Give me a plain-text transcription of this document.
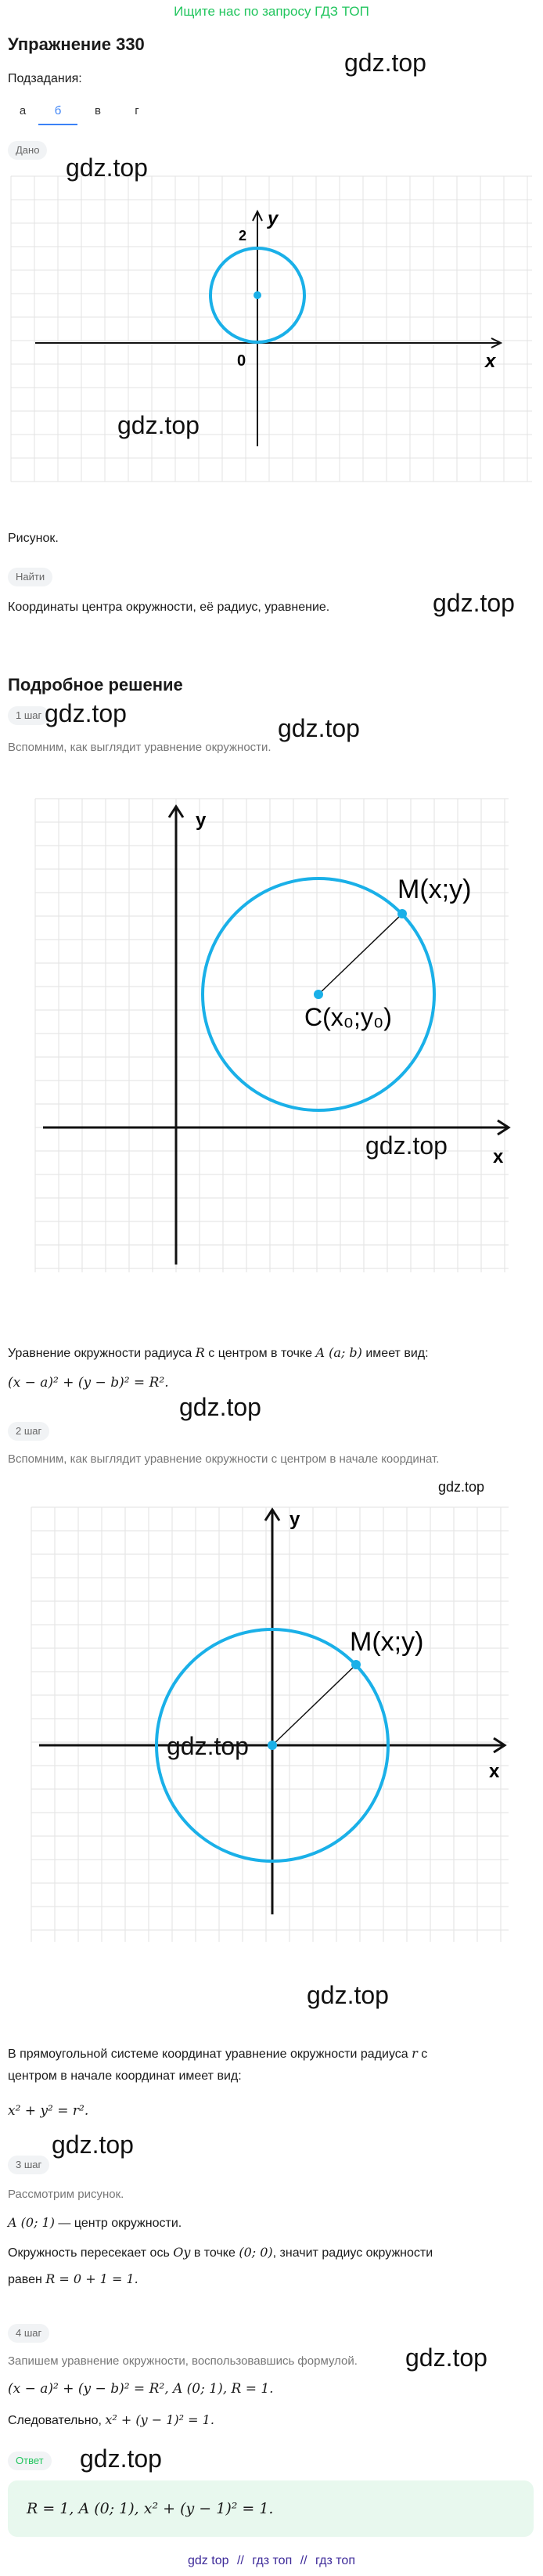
Ищите нас по запросу ГДЗ ТОП
Упражнение 330
Подзадания:
а	б	в	г
Дано
y
x
2
0
Рисунок.
Найти
Координаты центра окружности, её радиус, уравнение.
Подробное решение
1 шаг
Вспомним, как выглядит уравнение окружности.
y
x
M(x;y)
C(x₀;y₀)
Уравнение окружности радиуса R с центром в точке A (a; b) имеет вид:
(x − a)² + (y − b)² = R².
2 шаг
Вспомним, как выглядит уравнение окружности с центром в начале координат.
y
x
M(x;y)
В прямоугольной системе координат уравнение окружности радиуса r с
центром в начале координат имеет вид:
x² + y² = r².
3 шаг
Рассмотрим рисунок.
A (0; 1) — центр окружности.
Окружность пересекает ось Oy в точке (0; 0), значит радиус окружности
равен R = 0 + 1 = 1.
4 шаг
Запишем уравнение окружности, воспользовавшись формулой.
(x − a)² + (y − b)² = R², A (0; 1), R = 1.
Следовательно, x² + (y − 1)² = 1.
Ответ
R = 1, A (0; 1), x² + (y − 1)² = 1.
gdz.top
gdz.top
gdz.top
gdz.top
gdz.top
gdz.top
gdz.top
gdz.top
gdz.top
gdz.top
gdz.top
gdz.top
gdz.top
gdz.top
gdz top // гдз топ // гдз топ
